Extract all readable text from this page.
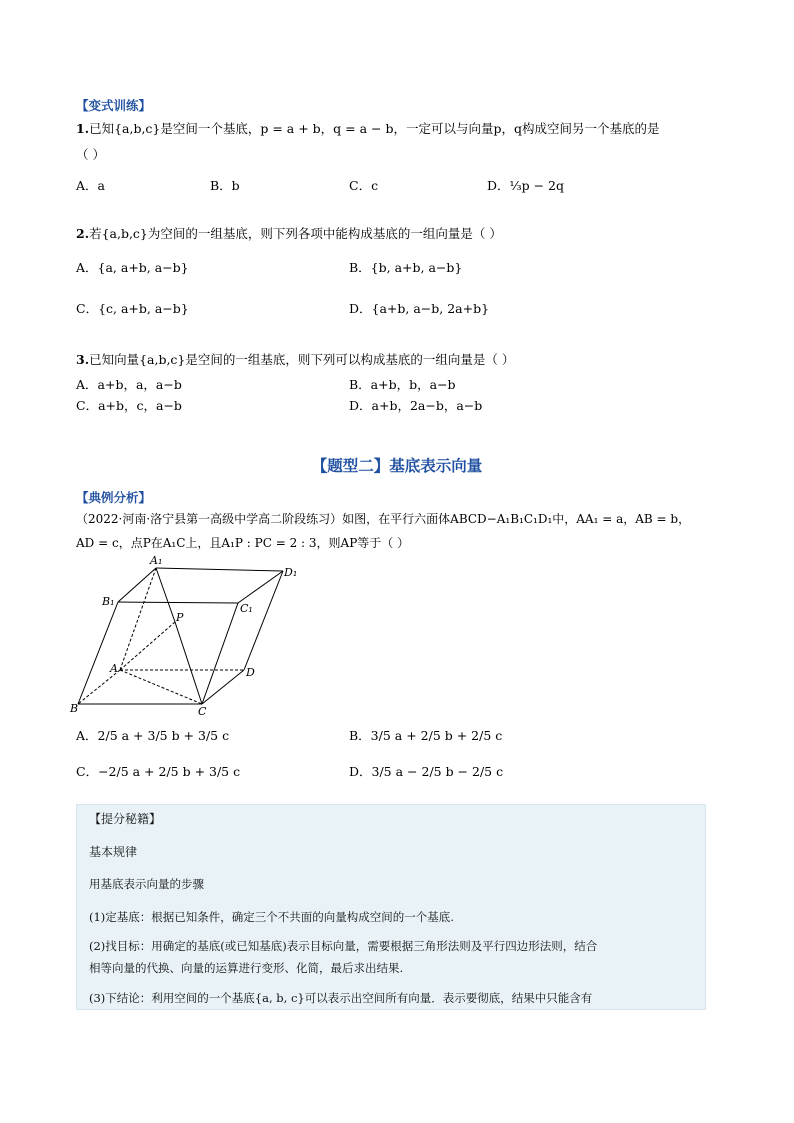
【变式训练】
1.已知{a,b,c}是空间一个基底，p = a + b，q = a − b，一定可以与向量p，q构成空间另一个基底的是
（ ）
A．a	B．b	C．c	D．⅓p − 2q
2.若{a,b,c}为空间的一组基底，则下列各项中能构成基底的一组向量是（ ）
A．{a, a+b, a−b}	B．{b, a+b, a−b}
C．{c, a+b, a−b}	D．{a+b, a−b, 2a+b}
3.已知向量{a,b,c}是空间的一组基底，则下列可以构成基底的一组向量是（ ）
A．a+b，a，a−b	B．a+b，b，a−b
C．a+b，c，a−b	D．a+b，2a−b，a−b
【题型二】基底表示向量
【典例分析】
（2022·河南·洛宁县第一高级中学高二阶段练习）如图，在平行六面体ABCD−A₁B₁C₁D₁中，AA₁ = a，AB = b，
AD = c，点P在A₁C上，且A₁P : PC = 2 : 3，则AP等于（ ）
A₁
D₁
B₁
C₁
P
A	D
B	C
A．2/5 a + 3/5 b + 3/5 c	B．3/5 a + 2/5 b + 2/5 c
C．−2/5 a + 2/5 b + 3/5 c	D．3/5 a − 2/5 b − 2/5 c
【提分秘籍】
基本规律
用基底表示向量的步骤
(1)定基底：根据已知条件，确定三个不共面的向量构成空间的一个基底.
(2)找目标：用确定的基底(或已知基底)表示目标向量，需要根据三角形法则及平行四边形法则，结合
相等向量的代换、向量的运算进行变形、化简，最后求出结果.
(3)下结论：利用空间的一个基底{a, b, c}可以表示出空间所有向量．表示要彻底，结果中只能含有
